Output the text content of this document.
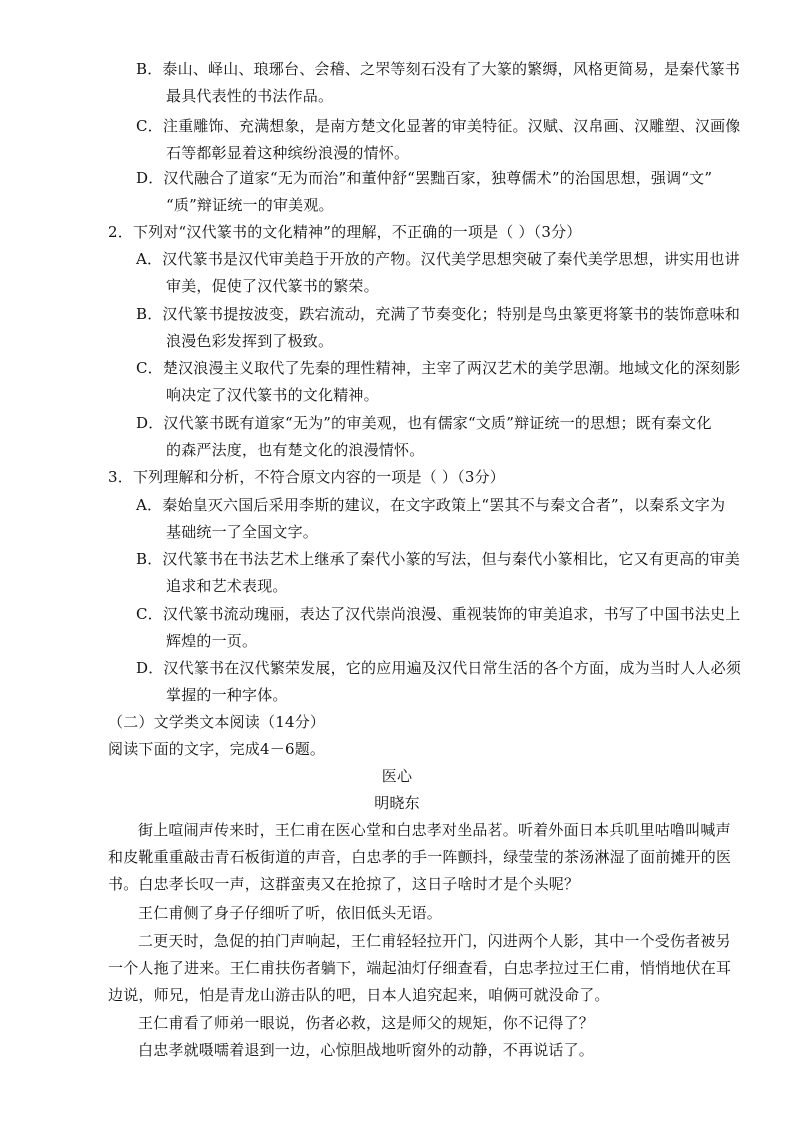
B．泰山、峄山、琅琊台、会稽、之罘等刻石没有了大篆的繁缛，风格更简易，是秦代篆书
最具代表性的书法作品。
C．注重雕饰、充满想象，是南方楚文化显著的审美特征。汉赋、汉帛画、汉雕塑、汉画像
石等都彰显着这种缤纷浪漫的情怀。
D．汉代融合了道家“无为而治”和董仲舒“罢黜百家，独尊儒术”的治国思想，强调“文”
“质”辩证统一的审美观。
2．下列对“汉代篆书的文化精神”的理解，不正确的一项是（ ）（3分）
A．汉代篆书是汉代审美趋于开放的产物。汉代美学思想突破了秦代美学思想，讲实用也讲
审美，促使了汉代篆书的繁荣。
B．汉代篆书提按波变，跌宕流动，充满了节奏变化；特别是鸟虫篆更将篆书的装饰意味和
浪漫色彩发挥到了极致。
C．楚汉浪漫主义取代了先秦的理性精神，主宰了两汉艺术的美学思潮。地域文化的深刻影
响决定了汉代篆书的文化精神。
D．汉代篆书既有道家“无为”的审美观，也有儒家“文质”辩证统一的思想；既有秦文化
的森严法度，也有楚文化的浪漫情怀。
3．下列理解和分析，不符合原文内容的一项是（ ）（3分）
A．秦始皇灭六国后采用李斯的建议，在文字政策上“罢其不与秦文合者”，以秦系文字为
基础统一了全国文字。
B．汉代篆书在书法艺术上继承了秦代小篆的写法，但与秦代小篆相比，它又有更高的审美
追求和艺术表现。
C．汉代篆书流动瑰丽，表达了汉代崇尚浪漫、重视装饰的审美追求，书写了中国书法史上
辉煌的一页。
D．汉代篆书在汉代繁荣发展，它的应用遍及汉代日常生活的各个方面，成为当时人人必须
掌握的一种字体。
（二）文学类文本阅读（14分）
阅读下面的文字，完成4－6题。
医心
明晓东
街上喧闹声传来时，王仁甫在医心堂和白忠孝对坐品茗。听着外面日本兵叽里咕噜叫喊声
和皮靴重重敲击青石板街道的声音，白忠孝的手一阵颤抖，绿莹莹的茶汤淋湿了面前摊开的医
书。白忠孝长叹一声，这群蛮夷又在抢掠了，这日子啥时才是个头呢？
王仁甫侧了身子仔细听了听，依旧低头无语。
二更天时，急促的拍门声响起，王仁甫轻轻拉开门，闪进两个人影，其中一个受伤者被另
一个人拖了进来。王仁甫扶伤者躺下，端起油灯仔细查看，白忠孝拉过王仁甫，悄悄地伏在耳
边说，师兄，怕是青龙山游击队的吧，日本人追究起来，咱俩可就没命了。
王仁甫看了师弟一眼说，伤者必救，这是师父的规矩，你不记得了？
白忠孝就嗫嚅着退到一边，心惊胆战地听窗外的动静，不再说话了。
